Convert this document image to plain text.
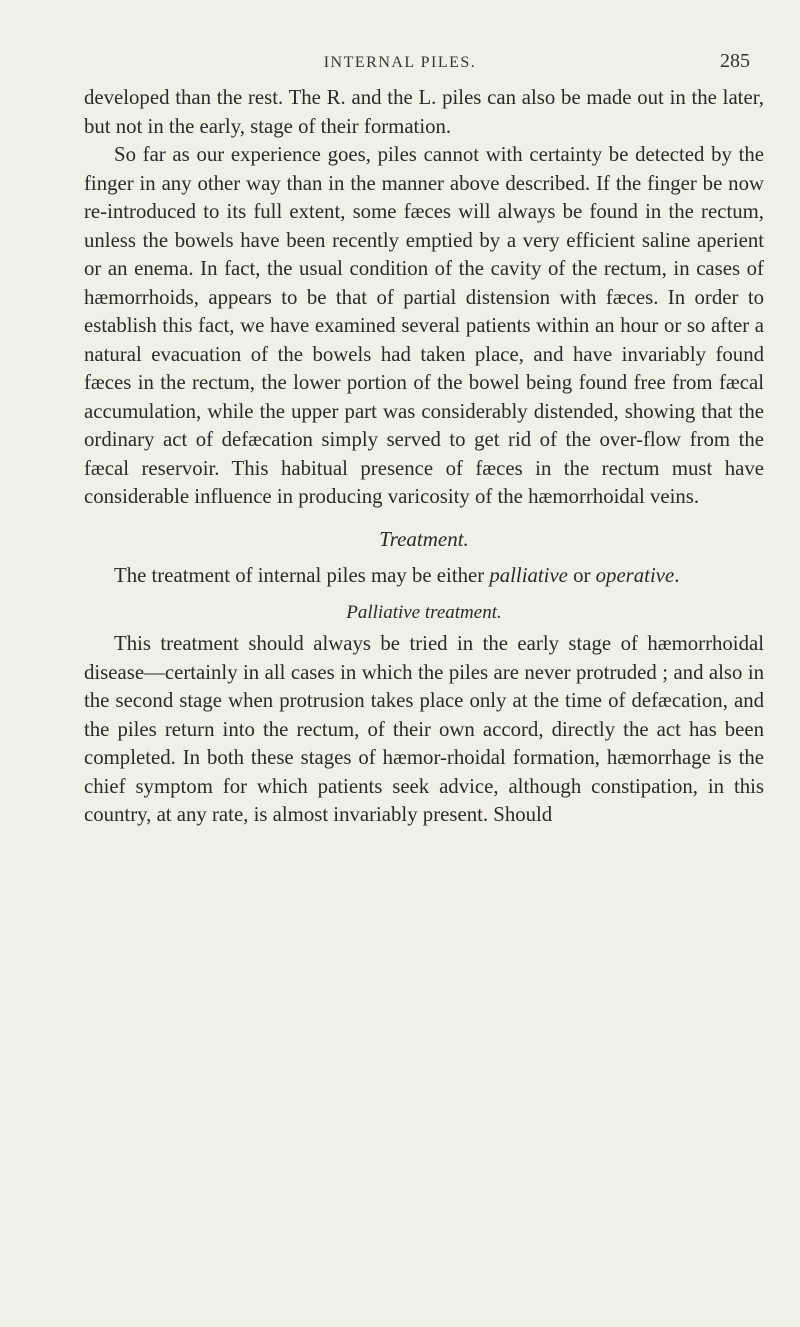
INTERNAL PILES.	285

developed than the rest. The R. and the L. piles can also be made out in the later, but not in the early, stage of their formation.

So far as our experience goes, piles cannot with certainty be detected by the finger in any other way than in the manner above described. If the finger be now re-introduced to its full extent, some fæces will always be found in the rectum, unless the bowels have been recently emptied by a very efficient saline aperient or an enema. In fact, the usual condition of the cavity of the rectum, in cases of hæmorrhoids, appears to be that of partial distension with fæces. In order to establish this fact, we have examined several patients within an hour or so after a natural evacuation of the bowels had taken place, and have invariably found fæces in the rectum, the lower portion of the bowel being found free from fæcal accumulation, while the upper part was considerably distended, showing that the ordinary act of defæcation simply served to get rid of the over-flow from the fæcal reservoir. This habitual presence of fæces in the rectum must have considerable influence in producing varicosity of the hæmorrhoidal veins.

Treatment.

The treatment of internal piles may be either palliative or operative.

Palliative treatment.

This treatment should always be tried in the early stage of hæmorrhoidal disease—certainly in all cases in which the piles are never protruded ; and also in the second stage when protrusion takes place only at the time of defæcation, and the piles return into the rectum, of their own accord, directly the act has been completed. In both these stages of hæmor-rhoidal formation, hæmorrhage is the chief symptom for which patients seek advice, although constipation, in this country, at any rate, is almost invariably present. Should
